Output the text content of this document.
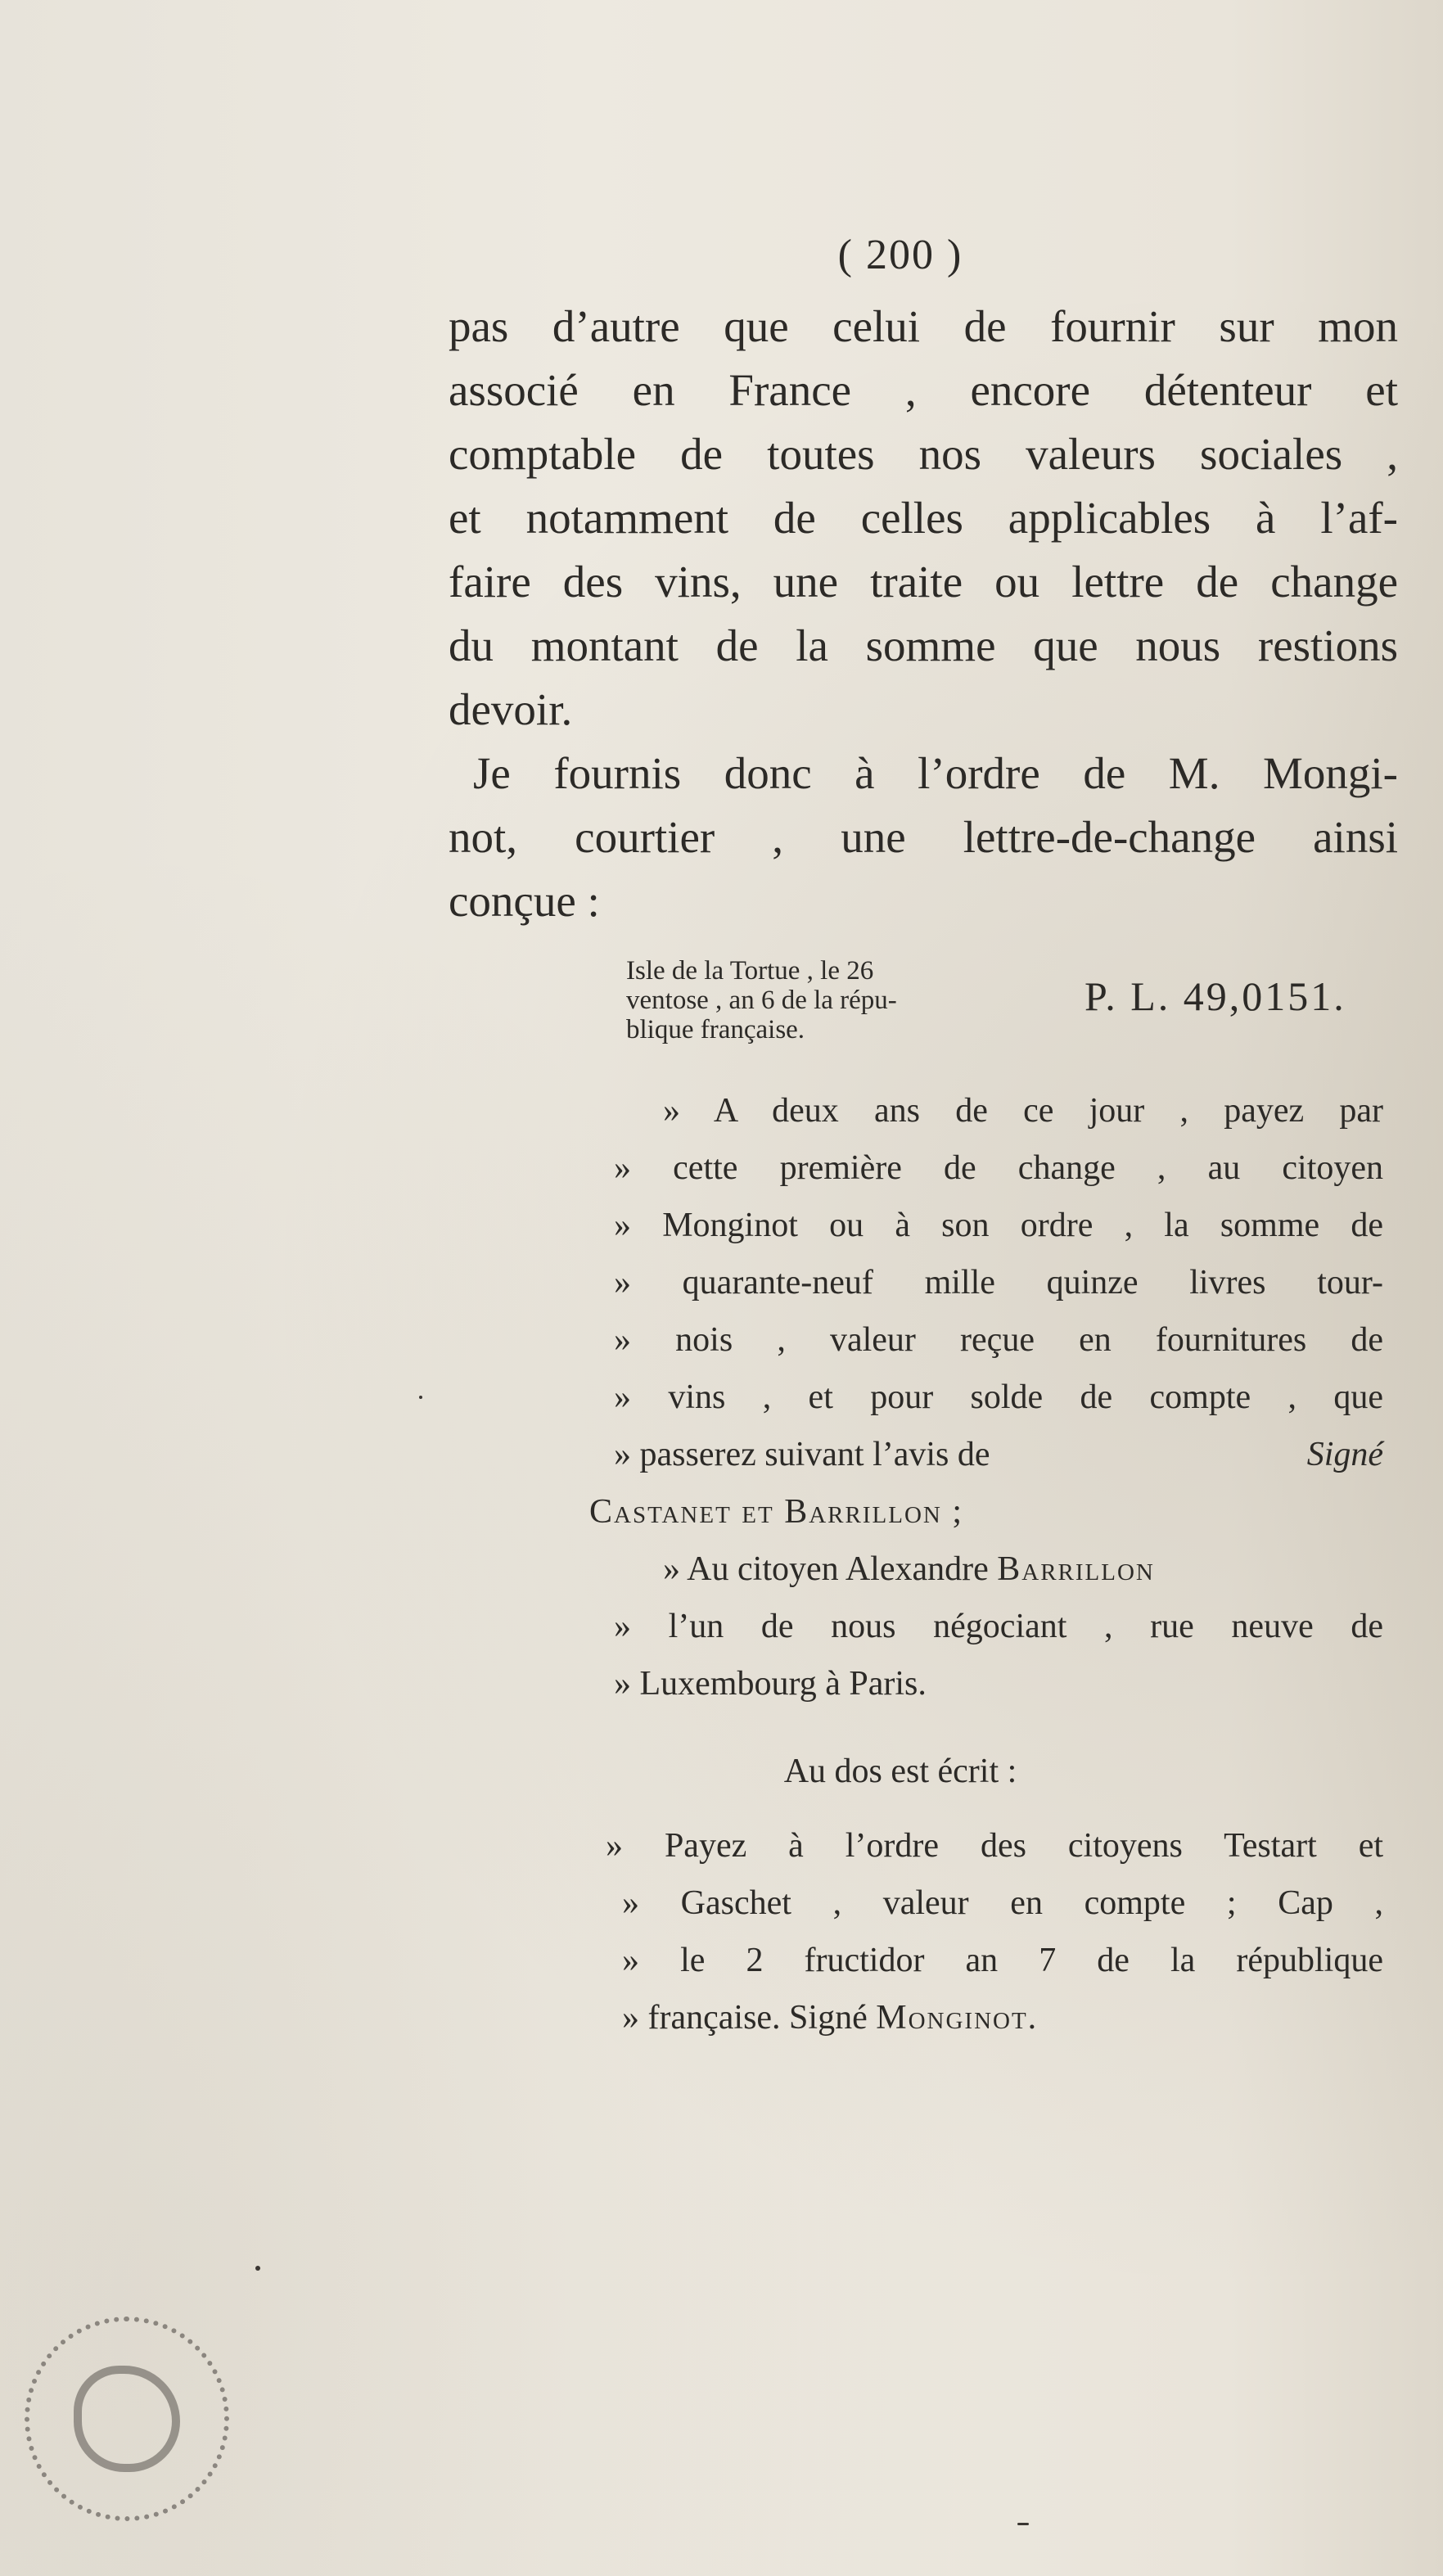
( 200 )
pas d’autre que celui de fournir sur mon
associé en France , encore détenteur et
comptable de toutes nos valeurs sociales ,
et notamment de celles applicables à l’af-
faire des vins, une traite ou lettre de change
du montant de la somme que nous restions
devoir.
Je fournis donc à l’ordre de M. Mongi-
not, courtier , une lettre-de-change ainsi
conçue :
Isle de la Tortue , le 26
ventose , an 6 de la répu-
blique française.
P. L. 49,0151.
» A deux ans de ce jour , payez par
» cette première de change , au citoyen
» Monginot ou à son ordre , la somme de
» quarante-neuf mille quinze livres tour-
» nois , valeur reçue en fournitures de
» vins , et pour solde de compte , que
» passerez suivant l’avis de	Signé
Castanet et Barrillon ;
» Au citoyen Alexandre Barrillon
» l’un de nous négociant , rue neuve de
» Luxembourg à Paris.
Au dos est écrit :
» Payez à l’ordre des citoyens Testart et
» Gaschet , valeur en compte ; Cap ,
» le 2 fructidor an 7 de la république
» française. Signé Monginot.
